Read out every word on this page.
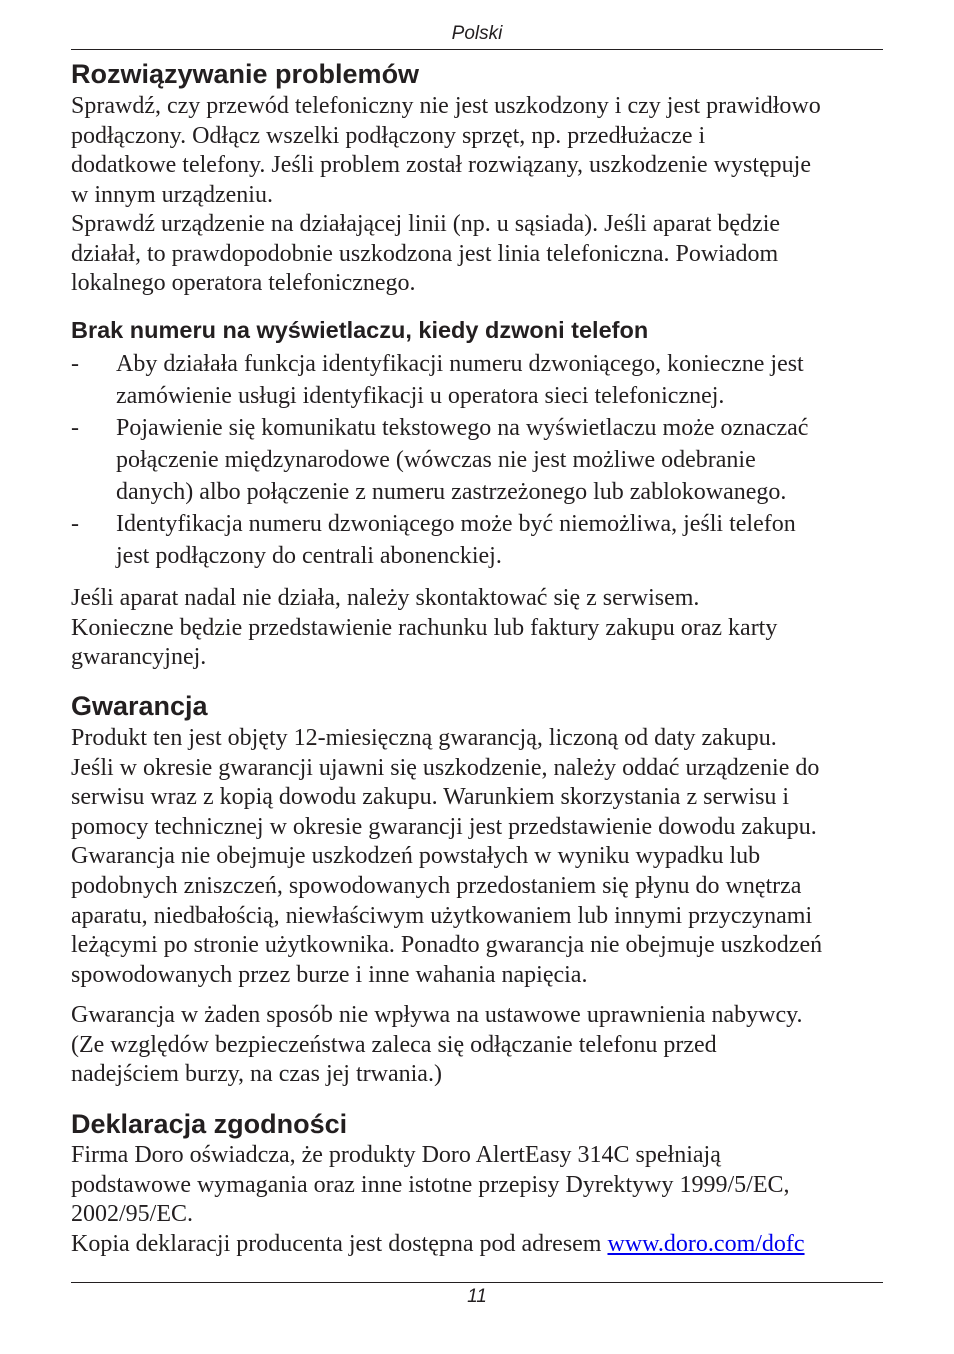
Polski
Rozwiązywanie problemów

Sprawdź, czy przewód telefoniczny nie jest uszkodzony i czy jest prawidłowo
podłączony. Odłącz wszelki podłączony sprzęt, np. przedłużacze i
dodatkowe telefony. Jeśli problem został rozwiązany, uszkodzenie występuje
w innym urządzeniu.

Sprawdź urządzenie na działającej linii (np. u sąsiada). Jeśli aparat będzie
działał, to prawdopodobnie uszkodzona jest linia telefoniczna. Powiadom
lokalnego operatora telefonicznego.

Brak numeru na wyświetlaczu, kiedy dzwoni telefon
- Aby działała funkcja identyfikacji numeru dzwoniącego, konieczne jest
zamówienie usługi identyfikacji u operatora sieci telefonicznej.
- Pojawienie się komunikatu tekstowego na wyświetlaczu może oznaczać
połączenie międzynarodowe (wówczas nie jest możliwe odebranie
danych) albo połączenie z numeru zastrzeżonego lub zablokowanego.
- Identyfikacja numeru dzwoniącego może być niemożliwa, jeśli telefon
jest podłączony do centrali abonenckiej.

Jeśli aparat nadal nie działa, należy skontaktować się z serwisem.
Konieczne będzie przedstawienie rachunku lub faktury zakupu oraz karty
gwarancyjnej.

Gwarancja

Produkt ten jest objęty 12-miesięczną gwarancją, liczoną od daty zakupu.
Jeśli w okresie gwarancji ujawni się uszkodzenie, należy oddać urządzenie do
serwisu wraz z kopią dowodu zakupu. Warunkiem skorzystania z serwisu i
pomocy technicznej w okresie gwarancji jest przedstawienie dowodu zakupu.
Gwarancja nie obejmuje uszkodzeń powstałych w wyniku wypadku lub
podobnych zniszczeń, spowodowanych przedostaniem się płynu do wnętrza
aparatu, niedbałością, niewłaściwym użytkowaniem lub innymi przyczynami
leżącymi po stronie użytkownika. Ponadto gwarancja nie obejmuje uszkodzeń
spowodowanych przez burze i inne wahania napięcia.

Gwarancja w żaden sposób nie wpływa na ustawowe uprawnienia nabywcy.
(Ze względów bezpieczeństwa zaleca się odłączanie telefonu przed
nadejściem burzy, na czas jej trwania.)

Deklaracja zgodności

Firma Doro oświadcza, że produkty Doro AlertEasy 314C spełniają
podstawowe wymagania oraz inne istotne przepisy Dyrektywy 1999/5/EC,
2002/95/EC.
Kopia deklaracji producenta jest dostępna pod adresem www.doro.com/dofc

11
